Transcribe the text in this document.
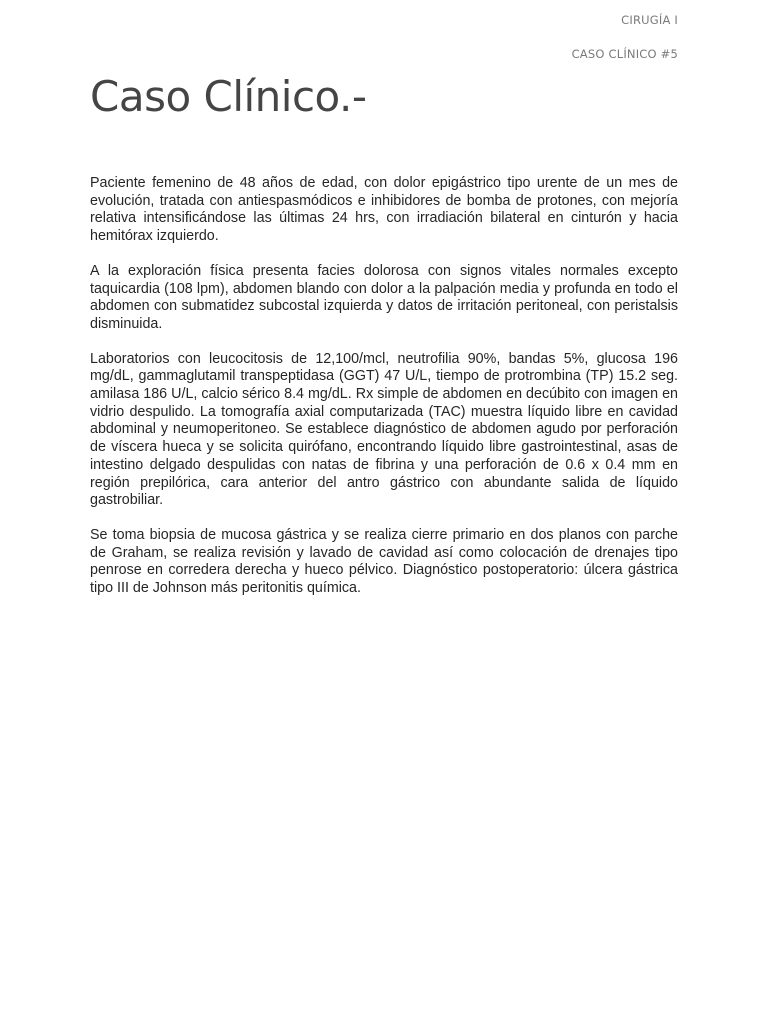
CIRUGÍA I
CASO CLÍNICO #5
Caso Clínico.-

Paciente femenino de 48 años de edad, con dolor epigástrico tipo urente de un mes de evolución, tratada con antiespasmódicos e inhibidores de bomba de protones, con mejoría relativa intensificándose las últimas 24 hrs, con irradiación bilateral en cinturón y hacia hemitórax izquierdo.

A la exploración física presenta facies dolorosa con signos vitales normales excepto taquicardia (108 lpm), abdomen blando con dolor a la palpación media y profunda en todo el abdomen con submatidez subcostal izquierda y datos de irritación peritoneal, con peristalsis disminuida.

Laboratorios con leucocitosis de 12,100/mcl, neutrofilia 90%, bandas 5%, glucosa 196 mg/dL, gammaglutamil transpeptidasa (GGT) 47 U/L, tiempo de protrombina (TP) 15.2 seg. amilasa 186 U/L, calcio sérico 8.4 mg/dL. Rx simple de abdomen en decúbito con imagen en vidrio despulido. La tomografía axial computarizada (TAC) muestra líquido libre en cavidad abdominal y neumoperitoneo. Se establece diagnóstico de abdomen agudo por perforación de víscera hueca y se solicita quirófano, encontrando líquido libre gastrointestinal, asas de intestino delgado despulidas con natas de fibrina y una perforación de 0.6 x 0.4 mm en región prepilórica, cara anterior del antro gástrico con abundante salida de líquido gastrobiliar.

Se toma biopsia de mucosa gástrica y se realiza cierre primario en dos planos con parche de Graham, se realiza revisión y lavado de cavidad así como colocación de drenajes tipo penrose en corredera derecha y hueco pélvico. Diagnóstico postoperatorio: úlcera gástrica tipo III de Johnson más peritonitis química.
